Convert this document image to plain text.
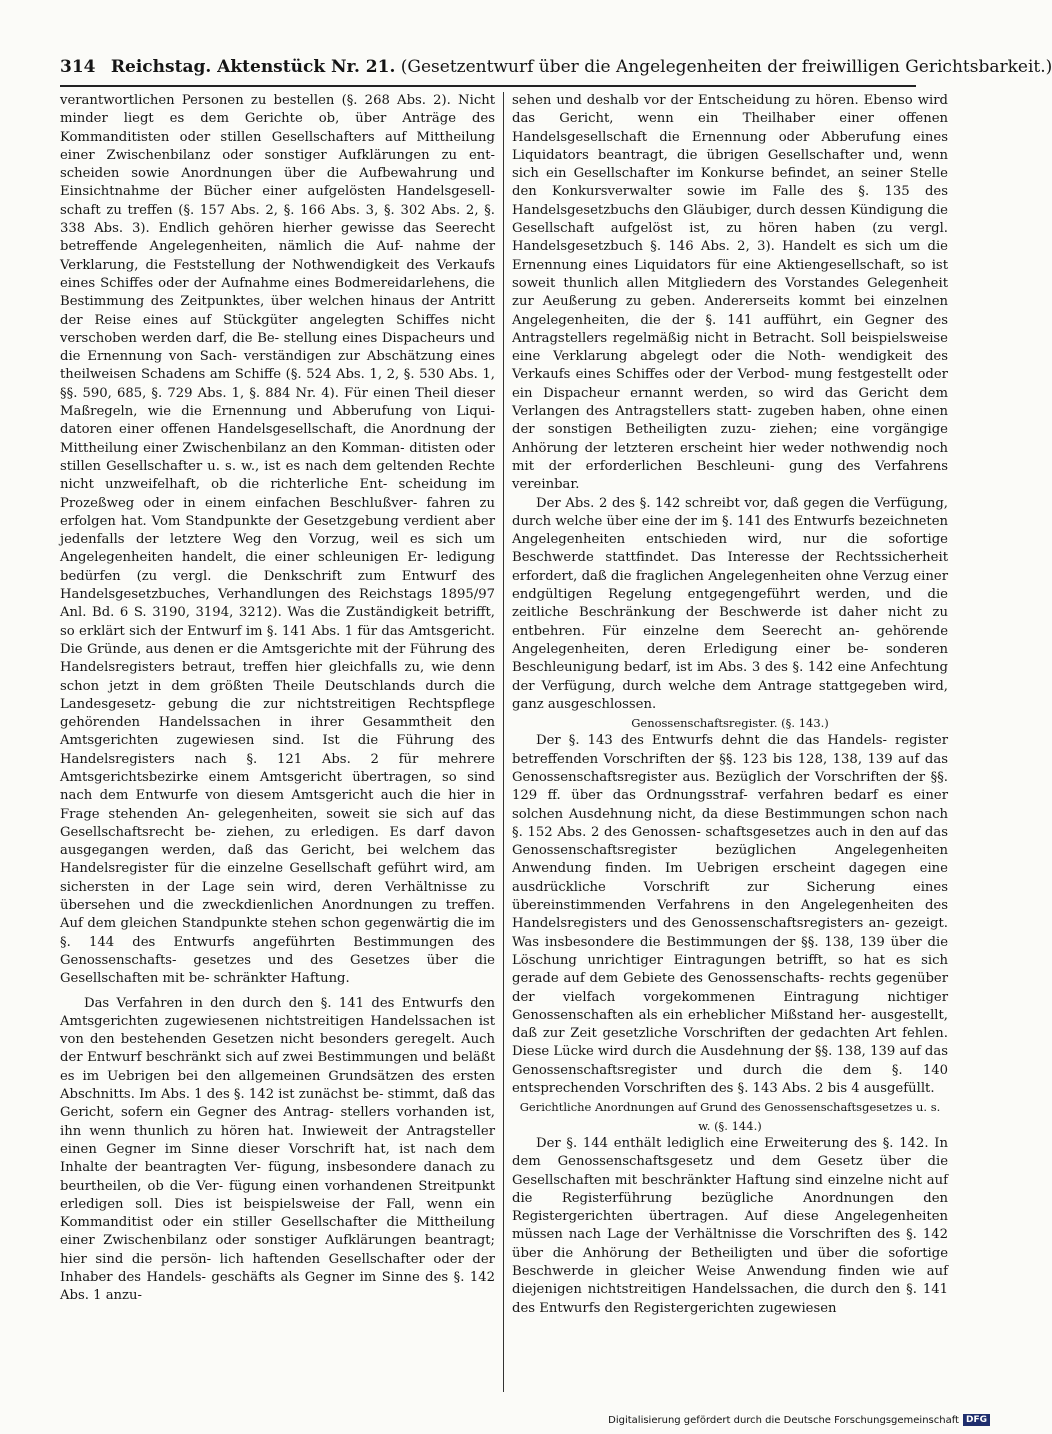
314 Reichstag. Aktenstück Nr. 21. (Gesetzentwurf über die Angelegenheiten der freiwilligen Gerichtsbarkeit.)

verantwortlichen Personen zu bestellen (§. 268 Abs. 2). Nicht minder liegt es dem Gerichte ob, über Anträge des Kommanditisten oder stillen Gesellschafters auf Mittheilung einer Zwischenbilanz oder sonstiger Aufklärungen zu ent- scheiden sowie Anordnungen über die Aufbewahrung und Einsichtnahme der Bücher einer aufgelösten Handelsgesell- schaft zu treffen (§. 157 Abs. 2, §. 166 Abs. 3, §. 302 Abs. 2, §. 338 Abs. 3). Endlich gehören hierher gewisse das Seerecht betreffende Angelegenheiten, nämlich die Auf- nahme der Verklarung, die Feststellung der Nothwendigkeit des Verkaufs eines Schiffes oder der Aufnahme eines Bodmereidarlehens, die Bestimmung des Zeitpunktes, über welchen hinaus der Antritt der Reise eines auf Stückgüter angelegten Schiffes nicht verschoben werden darf, die Be- stellung eines Dispacheurs und die Ernennung von Sach- verständigen zur Abschätzung eines theilweisen Schadens am Schiffe (§. 524 Abs. 1, 2, §. 530 Abs. 1, §§. 590, 685, §. 729 Abs. 1, §. 884 Nr. 4). Für einen Theil dieser Maßregeln, wie die Ernennung und Abberufung von Liqui- datoren einer offenen Handelsgesellschaft, die Anordnung der Mittheilung einer Zwischenbilanz an den Komman- ditisten oder stillen Gesellschafter u. s. w., ist es nach dem geltenden Rechte nicht unzweifelhaft, ob die richterliche Ent- scheidung im Prozeßweg oder in einem einfachen Beschlußver- fahren zu erfolgen hat. Vom Standpunkte der Gesetzgebung verdient aber jedenfalls der letztere Weg den Vorzug, weil es sich um Angelegenheiten handelt, die einer schleunigen Er- ledigung bedürfen (zu vergl. die Denkschrift zum Entwurf des Handelsgesetzbuches, Verhandlungen des Reichstags 1895/97 Anl. Bd. 6 S. 3190, 3194, 3212). Was die Zuständigkeit betrifft, so erklärt sich der Entwurf im §. 141 Abs. 1 für das Amtsgericht. Die Gründe, aus denen er die Amtsgerichte mit der Führung des Handelsregisters betraut, treffen hier gleichfalls zu, wie denn schon jetzt in dem größten Theile Deutschlands durch die Landesgesetz- gebung die zur nichtstreitigen Rechtspflege gehörenden Handelssachen in ihrer Gesammtheit den Amtsgerichten zugewiesen sind. Ist die Führung des Handelsregisters nach §. 121 Abs. 2 für mehrere Amtsgerichtsbezirke einem Amtsgericht übertragen, so sind nach dem Entwurfe von diesem Amtsgericht auch die hier in Frage stehenden An- gelegenheiten, soweit sie sich auf das Gesellschaftsrecht be- ziehen, zu erledigen. Es darf davon ausgegangen werden, daß das Gericht, bei welchem das Handelsregister für die einzelne Gesellschaft geführt wird, am sichersten in der Lage sein wird, deren Verhältnisse zu übersehen und die zweckdienlichen Anordnungen zu treffen. Auf dem gleichen Standpunkte stehen schon gegenwärtig die im §. 144 des Entwurfs angeführten Bestimmungen des Genossenschafts- gesetzes und des Gesetzes über die Gesellschaften mit be- schränkter Haftung.

Das Verfahren in den durch den §. 141 des Entwurfs den Amtsgerichten zugewiesenen nichtstreitigen Handelssachen ist von den bestehenden Gesetzen nicht besonders geregelt. Auch der Entwurf beschränkt sich auf zwei Bestimmungen und beläßt es im Uebrigen bei den allgemeinen Grundsätzen des ersten Abschnitts. Im Abs. 1 des §. 142 ist zunächst be- stimmt, daß das Gericht, sofern ein Gegner des Antrag- stellers vorhanden ist, ihn wenn thunlich zu hören hat. Inwieweit der Antragsteller einen Gegner im Sinne dieser Vorschrift hat, ist nach dem Inhalte der beantragten Ver- fügung, insbesondere danach zu beurtheilen, ob die Ver- fügung einen vorhandenen Streitpunkt erledigen soll. Dies ist beispielsweise der Fall, wenn ein Kommanditist oder ein stiller Gesellschafter die Mittheilung einer Zwischenbilanz oder sonstiger Aufklärungen beantragt; hier sind die persön- lich haftenden Gesellschafter oder der Inhaber des Handels- geschäfts als Gegner im Sinne des §. 142 Abs. 1 anzu-

sehen und deshalb vor der Entscheidung zu hören. Ebenso wird das Gericht, wenn ein Theilhaber einer offenen Handelsgesellschaft die Ernennung oder Abberufung eines Liquidators beantragt, die übrigen Gesellschafter und, wenn sich ein Gesellschafter im Konkurse befindet, an seiner Stelle den Konkursverwalter sowie im Falle des §. 135 des Handelsgesetzbuchs den Gläubiger, durch dessen Kündigung die Gesellschaft aufgelöst ist, zu hören haben (zu vergl. Handelsgesetzbuch §. 146 Abs. 2, 3). Handelt es sich um die Ernennung eines Liquidators für eine Aktiengesellschaft, so ist soweit thunlich allen Mitgliedern des Vorstandes Gelegenheit zur Aeußerung zu geben. Andererseits kommt bei einzelnen Angelegenheiten, die der §. 141 aufführt, ein Gegner des Antragstellers regelmäßig nicht in Betracht. Soll beispielsweise eine Verklarung abgelegt oder die Noth- wendigkeit des Verkaufs eines Schiffes oder der Verbod- mung festgestellt oder ein Dispacheur ernannt werden, so wird das Gericht dem Verlangen des Antragstellers statt- zugeben haben, ohne einen der sonstigen Betheiligten zuzu- ziehen; eine vorgängige Anhörung der letzteren erscheint hier weder nothwendig noch mit der erforderlichen Beschleuni- gung des Verfahrens vereinbar.

Der Abs. 2 des §. 142 schreibt vor, daß gegen die Verfügung, durch welche über eine der im §. 141 des Entwurfs bezeichneten Angelegenheiten entschieden wird, nur die sofortige Beschwerde stattfindet. Das Interesse der Rechtssicherheit erfordert, daß die fraglichen Angelegenheiten ohne Verzug einer endgültigen Regelung entgegengeführt werden, und die zeitliche Beschränkung der Beschwerde ist daher nicht zu entbehren. Für einzelne dem Seerecht an- gehörende Angelegenheiten, deren Erledigung einer be- sonderen Beschleunigung bedarf, ist im Abs. 3 des §. 142 eine Anfechtung der Verfügung, durch welche dem Antrage stattgegeben wird, ganz ausgeschlossen.

Genossenschaftsregister. (§. 143.)

Der §. 143 des Entwurfs dehnt die das Handels- register betreffenden Vorschriften der §§. 123 bis 128, 138, 139 auf das Genossenschaftsregister aus. Bezüglich der Vorschriften der §§. 129 ff. über das Ordnungsstraf- verfahren bedarf es einer solchen Ausdehnung nicht, da diese Bestimmungen schon nach §. 152 Abs. 2 des Genossen- schaftsgesetzes auch in den auf das Genossenschaftsregister bezüglichen Angelegenheiten Anwendung finden. Im Uebrigen erscheint dagegen eine ausdrückliche Vorschrift zur Sicherung eines übereinstimmenden Verfahrens in den Angelegenheiten des Handelsregisters und des Genossenschaftsregisters an- gezeigt. Was insbesondere die Bestimmungen der §§. 138, 139 über die Löschung unrichtiger Eintragungen betrifft, so hat es sich gerade auf dem Gebiete des Genossenschafts- rechts gegenüber der vielfach vorgekommenen Eintragung nichtiger Genossenschaften als ein erheblicher Mißstand her- ausgestellt, daß zur Zeit gesetzliche Vorschriften der gedachten Art fehlen. Diese Lücke wird durch die Ausdehnung der §§. 138, 139 auf das Genossenschaftsregister und durch die dem §. 140 entsprechenden Vorschriften des §. 143 Abs. 2 bis 4 ausgefüllt.

Gerichtliche Anordnungen auf Grund des Genossenschaftsgesetzes u. s. w. (§. 144.)

Der §. 144 enthält lediglich eine Erweiterung des §. 142. In dem Genossenschaftsgesetz und dem Gesetz über die Gesellschaften mit beschränkter Haftung sind einzelne nicht auf die Registerführung bezügliche Anordnungen den Registergerichten übertragen. Auf diese Angelegenheiten müssen nach Lage der Verhältnisse die Vorschriften des §. 142 über die Anhörung der Betheiligten und über die sofortige Beschwerde in gleicher Weise Anwendung finden wie auf diejenigen nichtstreitigen Handelssachen, die durch den §. 141 des Entwurfs den Registergerichten zugewiesen

Digitalisierung gefördert durch die Deutsche Forschungsgemeinschaft DFG
